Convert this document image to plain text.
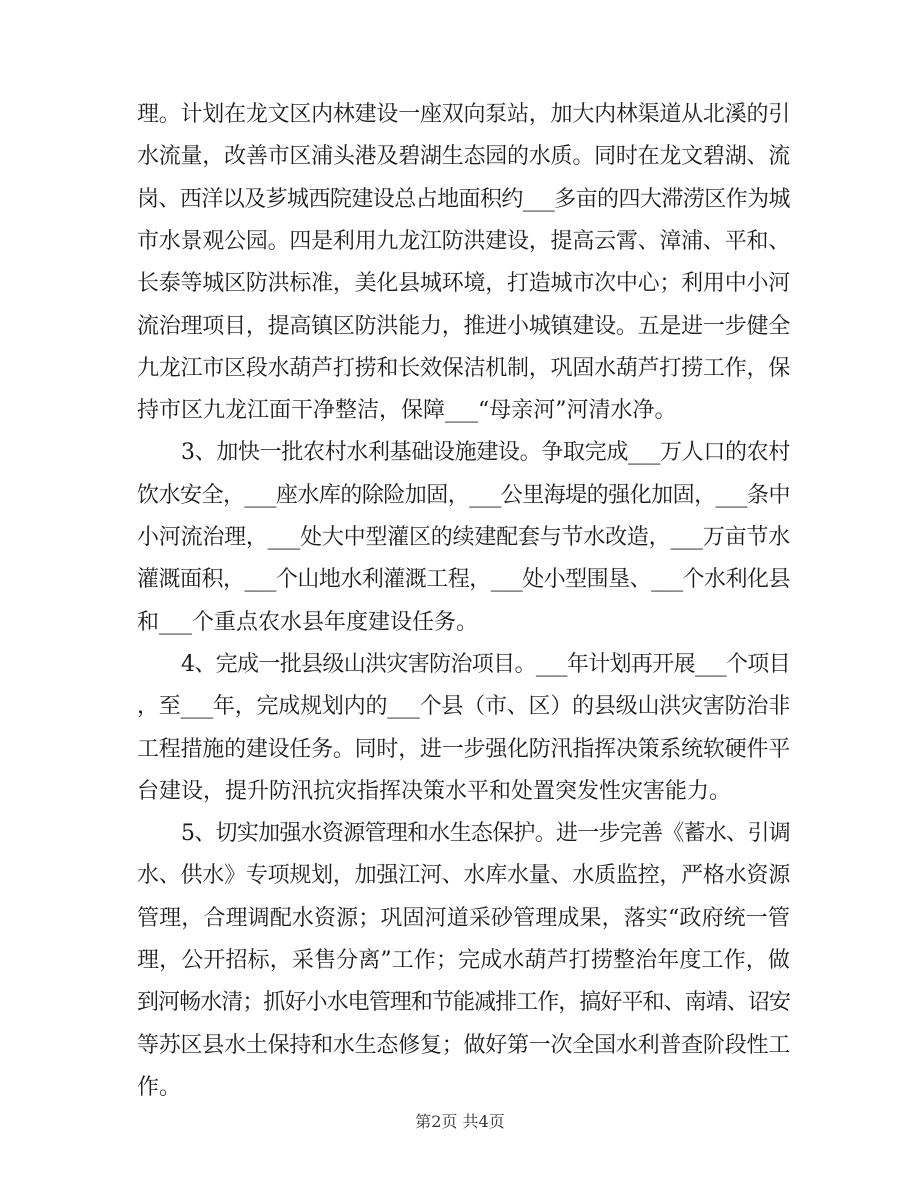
理。计划在龙文区内林建设一座双向泵站，加大内林渠道从北溪的引
水流量，改善市区浦头港及碧湖生态园的水质。同时在龙文碧湖、流
岗、西洋以及芗城西院建设总占地面积约___多亩的四大滞涝区作为城
市水景观公园。四是利用九龙江防洪建设，提高云霄、漳浦、平和、
长泰等城区防洪标准，美化县城环境，打造城市次中心；利用中小河
流治理项目，提高镇区防洪能力，推进小城镇建设。五是进一步健全
九龙江市区段水葫芦打捞和长效保洁机制，巩固水葫芦打捞工作，保
持市区九龙江面干净整洁，保障___“母亲河”河清水净。
3、加快一批农村水利基础设施建设。争取完成___万人口的农村
饮水安全，___座水库的除险加固，___公里海堤的强化加固，___条中
小河流治理，___处大中型灌区的续建配套与节水改造，___万亩节水
灌溉面积，___个山地水利灌溉工程，___处小型围垦、___个水利化县
和___个重点农水县年度建设任务。
4、完成一批县级山洪灾害防治项目。___年计划再开展___个项目
，至___年，完成规划内的___个县（市、区）的县级山洪灾害防治非
工程措施的建设任务。同时，进一步强化防汛指挥决策系统软硬件平
台建设，提升防汛抗灾指挥决策水平和处置突发性灾害能力。
5、切实加强水资源管理和水生态保护。进一步完善《蓄水、引调
水、供水》专项规划，加强江河、水库水量、水质监控，严格水资源
管理，合理调配水资源；巩固河道采砂管理成果，落实“政府统一管
理，公开招标，采售分离”工作；完成水葫芦打捞整治年度工作，做
到河畅水清；抓好小水电管理和节能减排工作，搞好平和、南靖、诏安
等苏区县水土保持和水生态修复；做好第一次全国水利普查阶段性工
作。
第2页 共4页
